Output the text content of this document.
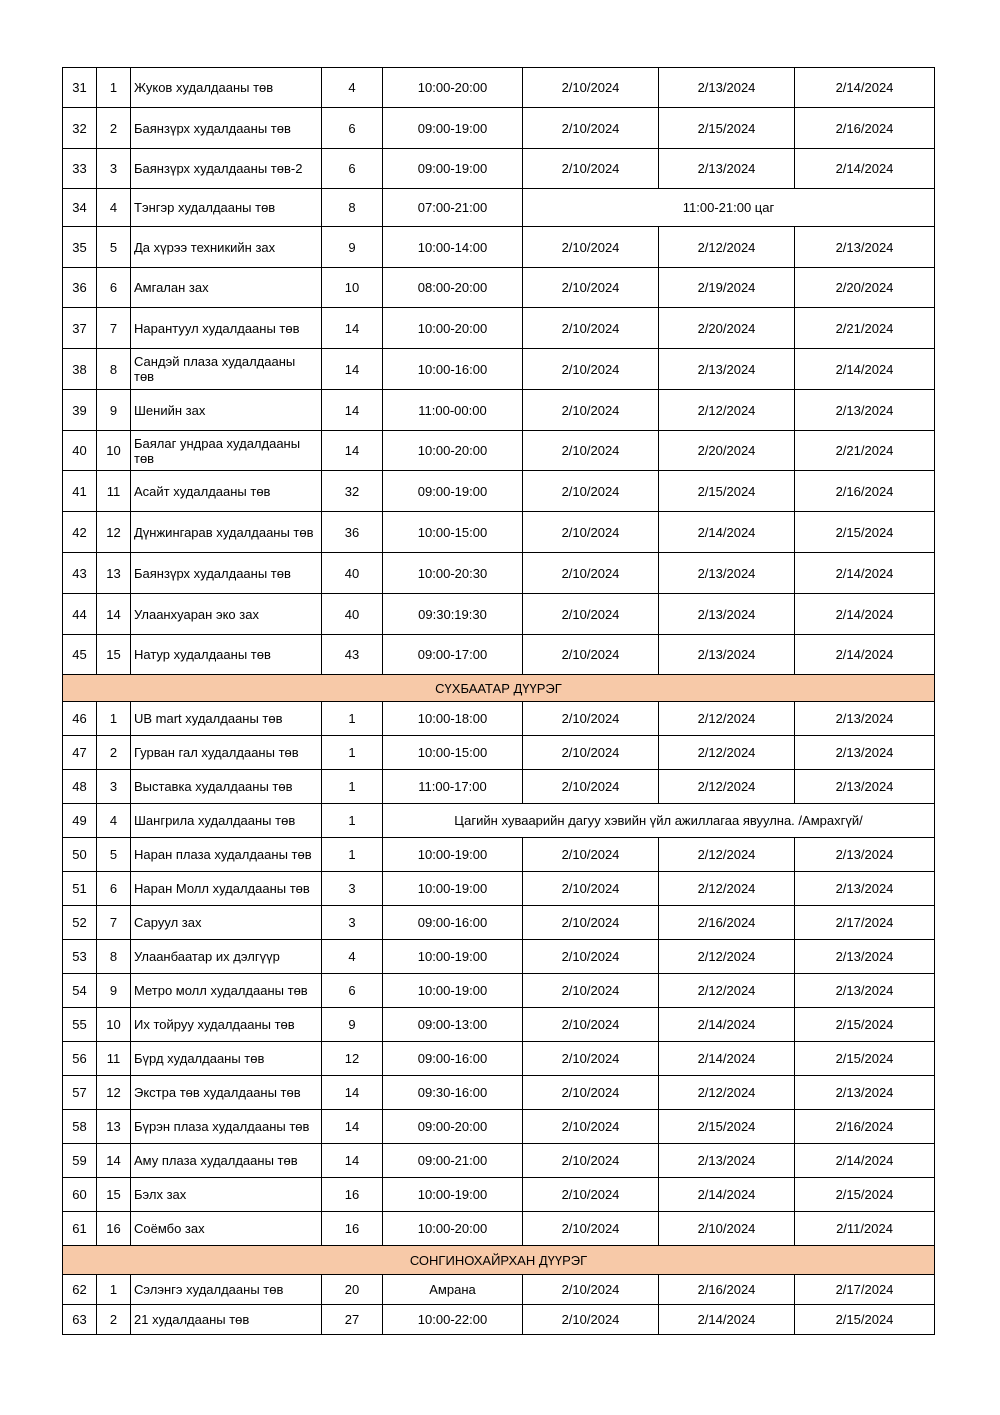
31	1	Жуков худалдааны төв	4	10:00-20:00	2/10/2024	2/13/2024	2/14/2024
32	2	Баянзүрх худалдааны төв	6	09:00-19:00	2/10/2024	2/15/2024	2/16/2024
33	3	Баянзүрх худалдааны төв-2	6	09:00-19:00	2/10/2024	2/13/2024	2/14/2024
34	4	Тэнгэр худалдааны төв	8	07:00-21:00	11:00-21:00 цаг		
35	5	Да хүрээ техникийн зах	9	10:00-14:00	2/10/2024	2/12/2024	2/13/2024
36	6	Амгалан зах	10	08:00-20:00	2/10/2024	2/19/2024	2/20/2024
37	7	Нарантуул худалдааны төв	14	10:00-20:00	2/10/2024	2/20/2024	2/21/2024
38	8	Сандэй плаза худалдааны төв	14	10:00-16:00	2/10/2024	2/13/2024	2/14/2024
39	9	Шенийн зах	14	11:00-00:00	2/10/2024	2/12/2024	2/13/2024
40	10	Баялаг ундраа худалдааны төв	14	10:00-20:00	2/10/2024	2/20/2024	2/21/2024
41	11	Асайт худалдааны төв	32	09:00-19:00	2/10/2024	2/15/2024	2/16/2024
42	12	Дүнжингарав худалдааны төв	36	10:00-15:00	2/10/2024	2/14/2024	2/15/2024
43	13	Баянзүрх худалдааны төв	40	10:00-20:30	2/10/2024	2/13/2024	2/14/2024
44	14	Улаанхуаран эко зах	40	09:30:19:30	2/10/2024	2/13/2024	2/14/2024
45	15	Натур худалдааны төв	43	09:00-17:00	2/10/2024	2/13/2024	2/14/2024
СҮХБААТАР ДҮҮРЭГ							
46	1	UB mart худалдааны төв	1	10:00-18:00	2/10/2024	2/12/2024	2/13/2024
47	2	Гурван гал худалдааны төв	1	10:00-15:00	2/10/2024	2/12/2024	2/13/2024
48	3	Выставка худалдааны төв	1	11:00-17:00	2/10/2024	2/12/2024	2/13/2024
49	4	Шангрила худалдааны төв	1	Цагийн хуваарийн дагуу хэвийн үйл ажиллагаа явуулна. /Амрахгүй/			
50	5	Наран плаза худалдааны төв	1	10:00-19:00	2/10/2024	2/12/2024	2/13/2024
51	6	Наран Молл худалдааны төв	3	10:00-19:00	2/10/2024	2/12/2024	2/13/2024
52	7	Саруул зах	3	09:00-16:00	2/10/2024	2/16/2024	2/17/2024
53	8	Улаанбаатар их дэлгүүр	4	10:00-19:00	2/10/2024	2/12/2024	2/13/2024
54	9	Метро молл худалдааны төв	6	10:00-19:00	2/10/2024	2/12/2024	2/13/2024
55	10	Их тойруу худалдааны төв	9	09:00-13:00	2/10/2024	2/14/2024	2/15/2024
56	11	Бүрд худалдааны төв	12	09:00-16:00	2/10/2024	2/14/2024	2/15/2024
57	12	Экстра төв худалдааны төв	14	09:30-16:00	2/10/2024	2/12/2024	2/13/2024
58	13	Бүрэн плаза худалдааны төв	14	09:00-20:00	2/10/2024	2/15/2024	2/16/2024
59	14	Аму плаза худалдааны төв	14	09:00-21:00	2/10/2024	2/13/2024	2/14/2024
60	15	Бэлх зах	16	10:00-19:00	2/10/2024	2/14/2024	2/15/2024
61	16	Соёмбо зах	16	10:00-20:00	2/10/2024	2/10/2024	2/11/2024
СОНГИНОХАЙРХАН ДҮҮРЭГ							
62	1	Сэлэнгэ худалдааны төв	20	Амрана	2/10/2024	2/16/2024	2/17/2024
63	2	21 худалдааны төв	27	10:00-22:00	2/10/2024	2/14/2024	2/15/2024
